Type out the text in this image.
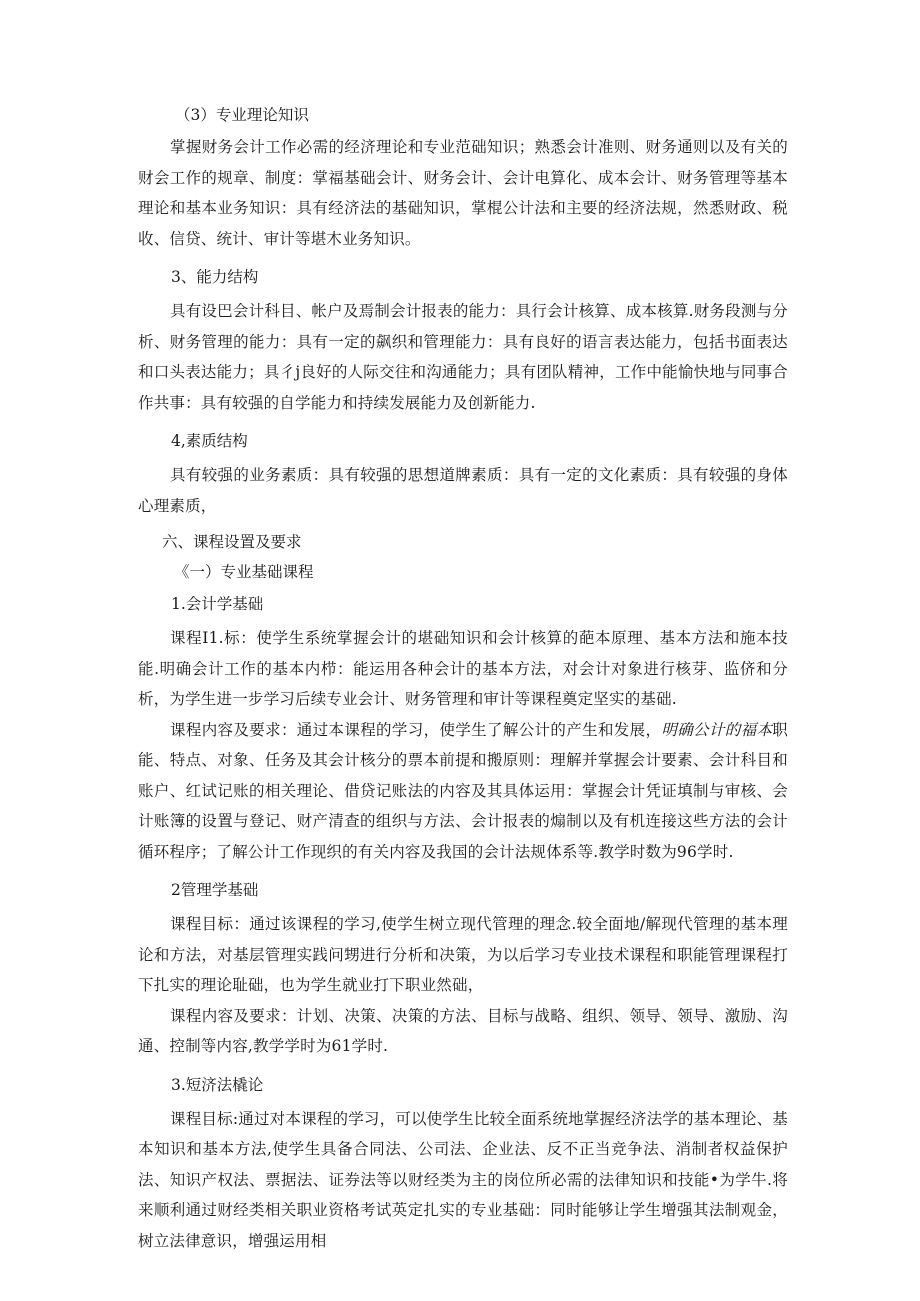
（3）专业理论知识

掌握财务会计工作必需的经济理论和专业范础知识；熟悉会计准则、财务通则以及有关的财会工作的规章、制度：掌福基础会计、财务会计、会计电算化、成本会计、财务管理等基本理论和基本业务知识：具有经济法的基础知识，掌棍公计法和主要的经济法规，然悉财政、税收、信贷、统计、审计等堪木业务知识。

3、能力结构

具有设巴会计科目、帐户及焉制会计报表的能力：具行会计核算、成本核算.财务段测与分析、财务管理的能力：具有一定的飙织和管理能力：具有良好的语言表达能力，包括书面表达和口头表达能力；具彳j良好的人际交往和沟通能力；具有团队精神，工作中能愉快地与同事合作共事：具有较强的自学能力和持续发展能力及创新能力.

4,素质结构

具有较强的业务素质：具有较强的思想道牌素质：具有一定的文化素质：具有较强的身体心理素质，

六、课程设置及要求

《一）专业基础课程

1.会计学基础

课程I1.标：使学生系统掌握会计的堪础知识和会计核算的葩本原理、基本方法和施本技能.明确会计工作的基本内栉：能运用各种会计的基本方法，对会计对象进行核芽、监侪和分析，为学生进一步学习后续专业会计、财务管理和审计等课程奠定坚实的基础.

课程内容及要求：通过本课程的学习，使学生了解公计的产生和发展，明确公计的福本职能、特点、对象、任务及其会计核分的票本前提和搬原则：理解并掌握会计要素、会计科目和账户、红试记账的相关理论、借贷记账法的内容及其具体运用：掌握会计凭证填制与审核、会计账簿的设置与登记、财产清查的组织与方法、会计报表的煽制以及有机连接这些方法的会计循环程序；了解公计工作现织的有关内容及我国的会计法规体系等.教学时数为96学时.

2管理学基础

课程目标：通过该课程的学习,使学生树立现代管理的理念.较全面地/解现代管理的基本理论和方法，对基层管理实践问甥进行分析和决策，为以后学习专业技术课程和职能管理课程打下扎实的理论耻础，也为学生就业打下职业然础，

课程内容及要求：计划、决策、决策的方法、目标与战略、组织、领导、领导、激励、沟通、控制等内容,教学学时为61学时.

3.短济法橇论

课程目标:通过对本课程的学习，可以使学生比较全面系统地掌握经济法学的基本理论、基本知识和基本方法,使学生具备合同法、公司法、企业法、反不正当竞争法、消制者权益保护法、知识产权法、票据法、证券法等以财经类为主的岗位所必需的法律知识和技能•为学牛.将来顺利通过财经类相关职业资格考试英定扎实的专业基础：同时能够让学生增强其法制观金，树立法律意识，增强运用相
